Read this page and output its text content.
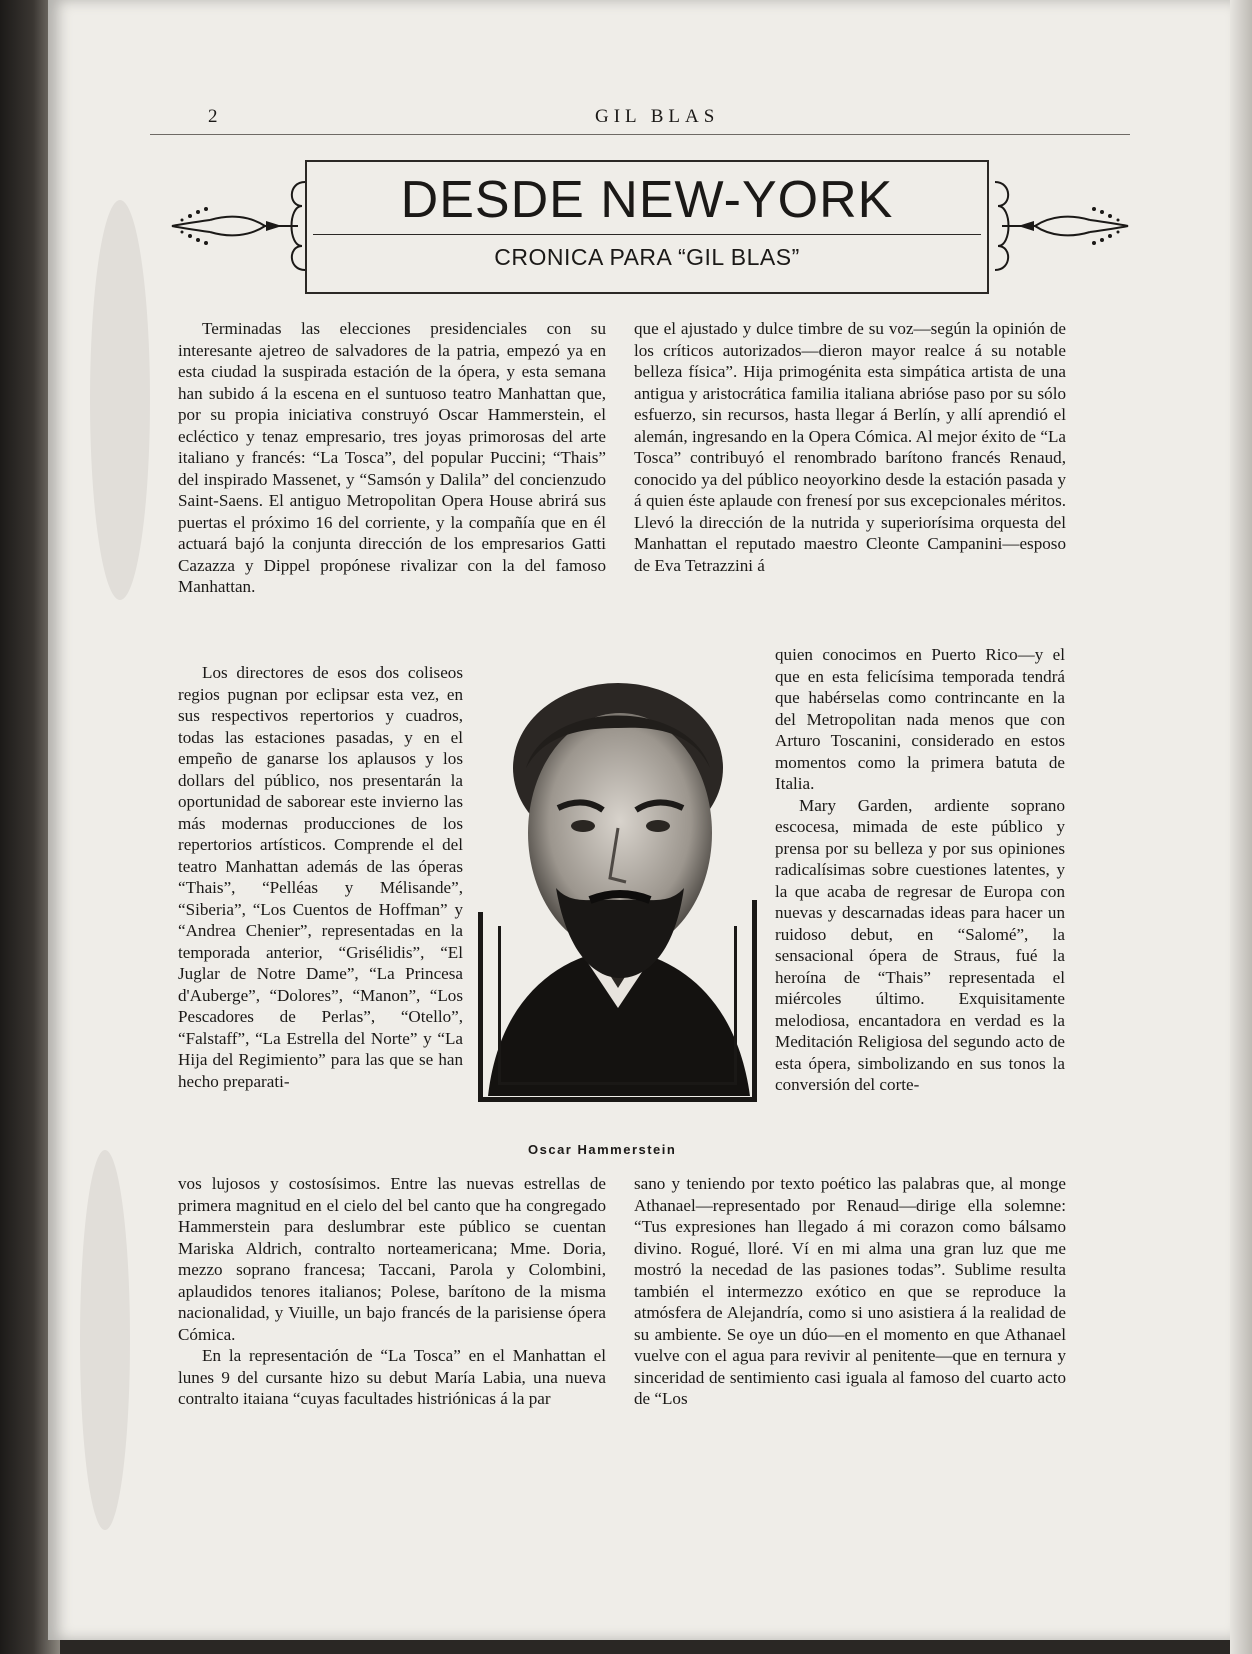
2	GIL BLAS
DESDE NEW-YORK
CRONICA PARA “GIL BLAS”

Terminadas las elecciones presidenciales con su interesante ajetreo de salvadores de la patria, empezó ya en esta ciudad la suspirada estación de la ópera, y esta semana han subido á la escena en el suntuoso teatro Manhattan que, por su propia iniciativa construyó Oscar Hammerstein, el ecléctico y tenaz empresario, tres joyas primorosas del arte italiano y francés: “La Tosca”, del popular Puccini; “Thais” del inspirado Massenet, y “Samsón y Dalila” del concienzudo Saint-Saens. El antiguo Metropolitan Opera House abrirá sus puertas el próximo 16 del corriente, y la compañía que en él actuará bajó la conjunta dirección de los empresarios Gatti Cazazza y Dippel propónese rivalizar con la del famoso Manhattan.

Los directores de esos dos coliseos regios pugnan por eclipsar esta vez, en sus respectivos repertorios y cuadros, todas las estaciones pasadas, y en el empeño de ganarse los aplausos y los dollars del público, nos presentarán la oportunidad de saborear este invierno las más modernas producciones de los repertorios artísticos. Comprende el del teatro Manhattan además de las óperas “Thais”, “Pelléas y Mélisande”, “Siberia”, “Los Cuentos de Hoffman” y “Andrea Chenier”, representadas en la temporada anterior, “Grisélidis”, “El Juglar de Notre Dame”, “La Princesa d'Auberge”, “Dolores”, “Manon”, “Los Pescadores de Perlas”, “Otello”, “Falstaff”, “La Estrella del Norte” y “La Hija del Regimiento” para las que se han hecho preparati-

que el ajustado y dulce timbre de su voz—según la opinión de los críticos autorizados—dieron mayor realce á su notable belleza física”. Hija primogénita esta simpática artista de una antigua y aristocrática familia italiana abrióse paso por su sólo esfuerzo, sin recursos, hasta llegar á Berlín, y allí aprendió el alemán, ingresando en la Opera Cómica. Al mejor éxito de “La Tosca” contribuyó el renombrado barítono francés Renaud, conocido ya del público neoyorkino desde la estación pasada y á quien éste aplaude con frenesí por sus excepcionales méritos. Llevó la dirección de la nutrida y superiorísima orquesta del Manhattan el reputado maestro Cleonte Campanini—esposo de Eva Tetrazzini á

quien conocimos en Puerto Rico—y el que en esta felicísima temporada tendrá que habérselas como contrincante en la del Metropolitan nada menos que con Arturo Toscanini, considerado en estos momentos como la primera batuta de Italia.

Mary Garden, ardiente soprano escocesa, mimada de este público y prensa por su belleza y por sus opiniones radicalísimas sobre cuestiones latentes, y la que acaba de regresar de Europa con nuevas y descarnadas ideas para hacer un ruidoso debut, en “Salomé”, la sensacional ópera de Straus, fué la heroína de “Thais” representada el miércoles último. Exquisitamente melodiosa, encantadora en verdad es la Meditación Religiosa del segundo acto de esta ópera, simbolizando en sus tonos la conversión del corte-

Oscar Hammerstein

vos lujosos y costosísimos. Entre las nuevas estrellas de primera magnitud en el cielo del bel canto que ha congregado Hammerstein para deslumbrar este público se cuentan Mariska Aldrich, contralto norteamericana; Mme. Doria, mezzo soprano francesa; Taccani, Parola y Colombini, aplaudidos tenores italianos; Polese, barítono de la misma nacionalidad, y Viuille, un bajo francés de la parisiense ópera Cómica.

En la representación de “La Tosca” en el Manhattan el lunes 9 del cursante hizo su debut María Labia, una nueva contralto itaiana “cuyas facultades histriónicas á la par

sano y teniendo por texto poético las palabras que, al monge Athanael—representado por Renaud—dirige ella solemne: “Tus expresiones han llegado á mi corazon como bálsamo divino. Rogué, lloré. Ví en mi alma una gran luz que me mostró la necedad de las pasiones todas”. Sublime resulta también el intermezzo exótico en que se reproduce la atmósfera de Alejandría, como si uno asistiera á la realidad de su ambiente. Se oye un dúo—en el momento en que Athanael vuelve con el agua para revivir al penitente—que en ternura y sinceridad de sentimiento casi iguala al famoso del cuarto acto de “Los
